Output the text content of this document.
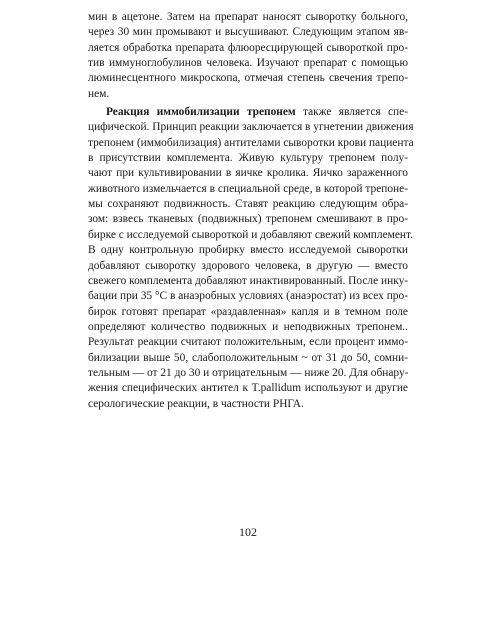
мин в ацетоне. Затем на препарат наносят сыворотку больного,
через 30 мин промывают и высушивают. Следующим этапом яв-
ляется обработка препарата флюоресцирующей сывороткой про-
тив иммуноглобулинов человека. Изучают препарат с помощью
люминесцентного микроскопа, отмечая степень свечения трепо-
нем.
Реакция иммобилизации трепонем также является спе-
цифической. Принцип реакции заключается в угнетении движения
трепонем (иммобилизация) антителами сыворотки крови пациента
в присутствии комплемента. Живую культуру трепонем полу-
чают при культивировании в яичке кролика. Яичко зараженного
животного измельчается в специальной среде, в которой трепоне-
мы сохраняют подвижность. Ставят реакцию следующим обра-
зом: взвесь тканевых (подвижных) трепонем смешивают в про-
бирке с исследуемой сывороткой и добавляют свежий комплемент.
В одну контрольную пробирку вместо исследуемой сыворотки
добавляют сыворотку здорового человека, в другую — вместо
свежего комплемента добавляют инактивированный. После инку-
бации при 35 °С в анаэробных условиях (анаэростат) из всех про-
бирок готовят препарат «раздавленная» капля и в темном поле
определяют количество подвижных и неподвижных трепонем..
Результат реакции считают положительным, если процент иммо-
билизации выше 50, слабоположительным ~ от 31 до 50, сомни-
тельным — от 21 до 30 и отрицательным — ниже 20. Для обнару-
жения специфических антител к T.pallidum используют и другие
серологические реакции, в частности РНГА.
102
